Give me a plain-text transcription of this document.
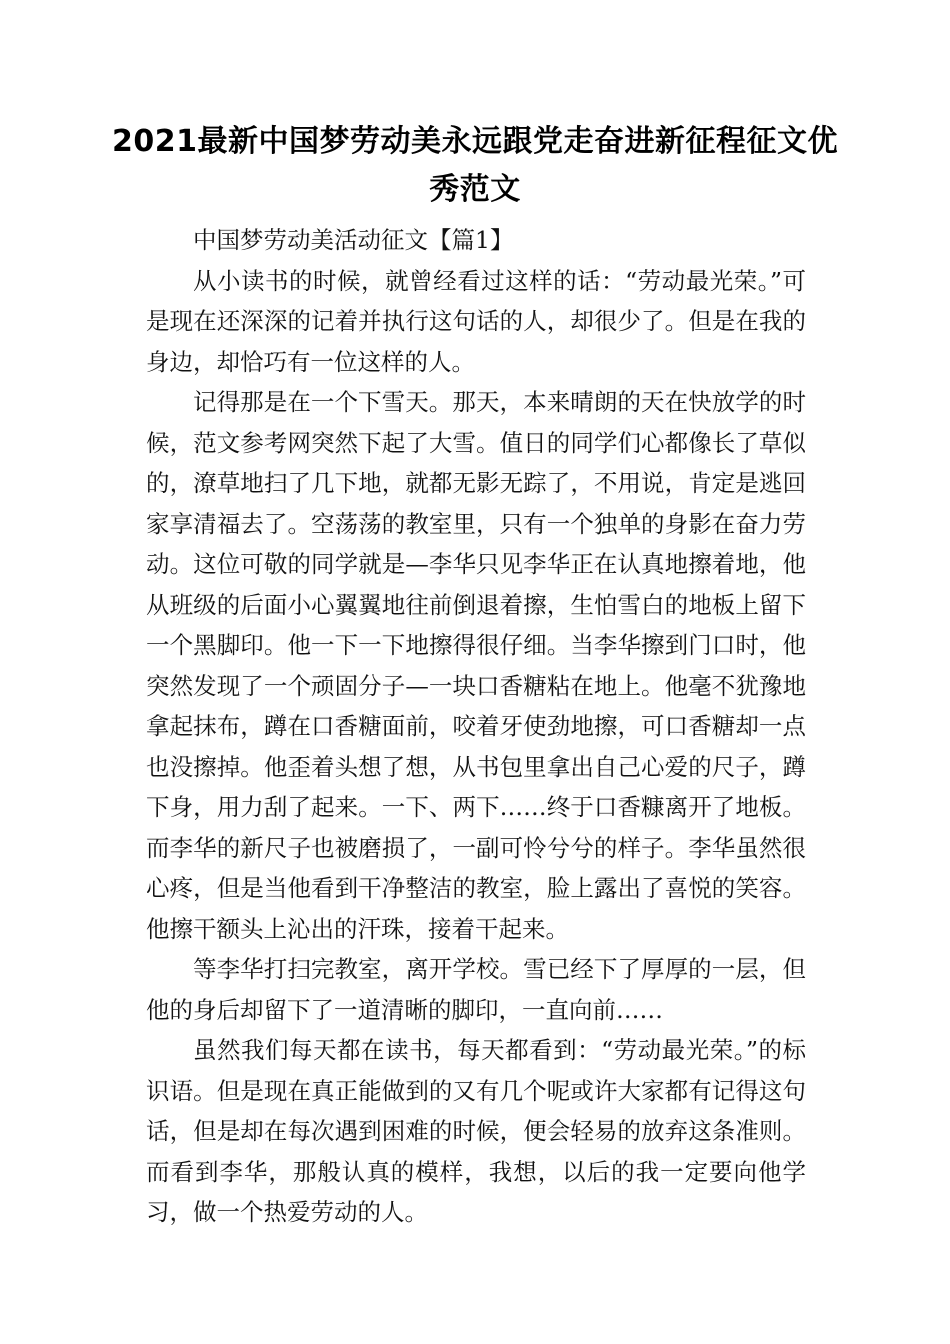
2021最新中国梦劳动美永远跟党走奋进新征程征文优秀范文

中国梦劳动美活动征文【篇1】

从小读书的时候，就曾经看过这样的话：“劳动最光荣。”可是现在还深深的记着并执行这句话的人，却很少了。但是在我的身边，却恰巧有一位这样的人。

记得那是在一个下雪天。那天，本来晴朗的天在快放学的时候，范文参考网突然下起了大雪。值日的同学们心都像长了草似的，潦草地扫了几下地，就都无影无踪了，不用说，肯定是逃回家享清福去了。空荡荡的教室里，只有一个独单的身影在奋力劳动。这位可敬的同学就是—李华只见李华正在认真地擦着地，他从班级的后面小心翼翼地往前倒退着擦，生怕雪白的地板上留下一个黑脚印。他一下一下地擦得很仔细。当李华擦到门口时，他突然发现了一个顽固分子—一块口香糖粘在地上。他毫不犹豫地拿起抹布，蹲在口香糖面前，咬着牙使劲地擦，可口香糖却一点也没擦掉。他歪着头想了想，从书包里拿出自己心爱的尺子，蹲下身，用力刮了起来。一下、两下……终于口香糠离开了地板。而李华的新尺子也被磨损了，一副可怜兮兮的样子。李华虽然很心疼，但是当他看到干净整洁的教室，脸上露出了喜悦的笑容。他擦干额头上沁出的汗珠，接着干起来。

等李华打扫完教室，离开学校。雪已经下了厚厚的一层，但他的身后却留下了一道清晰的脚印，一直向前……

虽然我们每天都在读书，每天都看到：“劳动最光荣。”的标识语。但是现在真正能做到的又有几个呢或许大家都有记得这句话，但是却在每次遇到困难的时候，便会轻易的放弃这条准则。而看到李华，那般认真的模样，我想，以后的我一定要向他学习，做一个热爱劳动的人。
